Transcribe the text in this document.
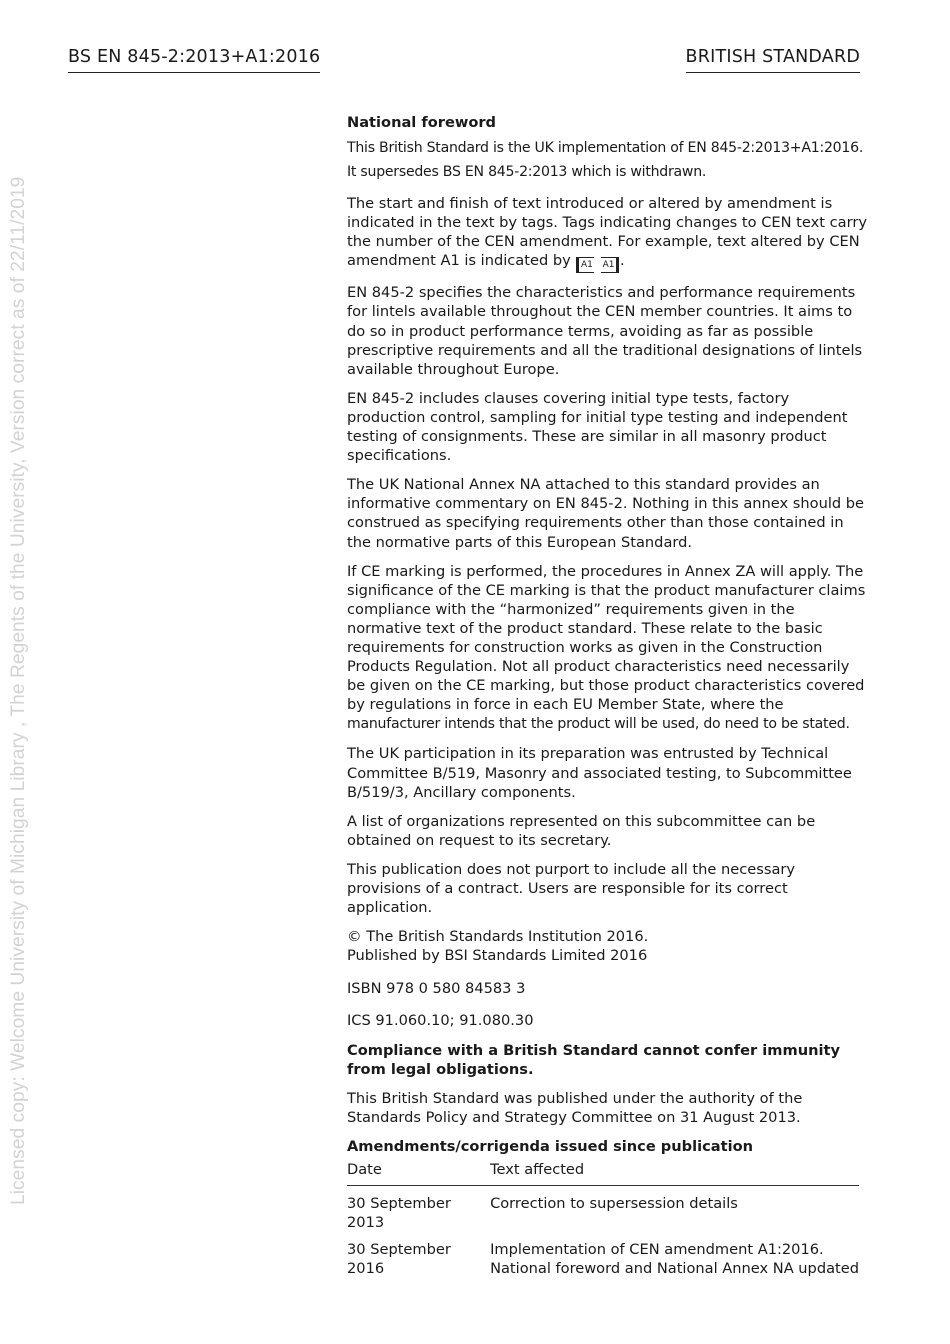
BS EN 845-2:2013+A1:2016	BRITISH STANDARD
Licensed copy: Welcome University of Michigan Library , The Regents of the University, Version correct as of 22/11/2019

National foreword

This British Standard is the UK implementation of EN 845-2:2013+A1:2016. It supersedes BS EN 845-2:2013 which is withdrawn.

The start and finish of text introduced or altered by amendment is indicated in the text by tags. Tags indicating changes to CEN text carry the number of the CEN amendment. For example, text altered by CEN amendment A1 is indicated by A1 A1 .

EN 845-2 specifies the characteristics and performance requirements for lintels available throughout the CEN member countries. It aims to do so in product performance terms, avoiding as far as possible prescriptive requirements and all the traditional designations of lintels available throughout Europe.

EN 845-2 includes clauses covering initial type tests, factory production control, sampling for initial type testing and independent testing of consignments. These are similar in all masonry product specifications.

The UK National Annex NA attached to this standard provides an informative commentary on EN 845-2. Nothing in this annex should be construed as specifying requirements other than those contained in the normative parts of this European Standard.

If CE marking is performed, the procedures in Annex ZA will apply. The significance of the CE marking is that the product manufacturer claims compliance with the “harmonized” requirements given in the normative text of the product standard. These relate to the basic requirements for construction works as given in the Construction Products Regulation. Not all product characteristics need necessarily be given on the CE marking, but those product characteristics covered by regulations in force in each EU Member State, where the manufacturer intends that the product will be used, do need to be stated.

The UK participation in its preparation was entrusted by Technical Committee B/519, Masonry and associated testing, to Subcommittee B/519/3, Ancillary components.

A list of organizations represented on this subcommittee can be obtained on request to its secretary.

This publication does not purport to include all the necessary provisions of a contract. Users are responsible for its correct application.

© The British Standards Institution 2016.
Published by BSI Standards Limited 2016

ISBN 978 0 580 84583 3

ICS 91.060.10; 91.080.30

Compliance with a British Standard cannot confer immunity from legal obligations.

This British Standard was published under the authority of the Standards Policy and Strategy Committee on 31 August 2013.

Amendments/corrigenda issued since publication

Date	Text affected
30 September 2013	Correction to supersession details
30 September 2016	Implementation of CEN amendment A1:2016.
National foreword and National Annex NA updated
